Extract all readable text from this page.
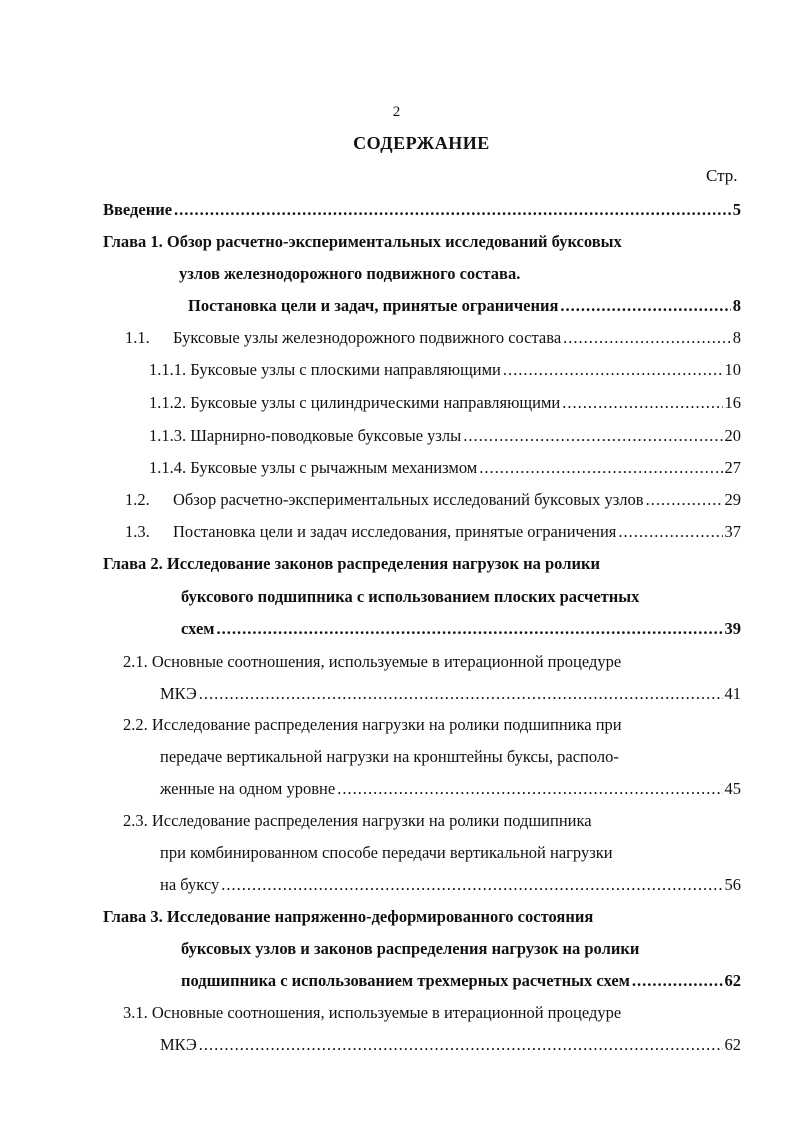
2
СОДЕРЖАНИЕ
Стр.
Введение .....	5
Глава 1. Обзор расчетно-экспериментальных исследований буксовых
узлов железнодорожного подвижного состава.
Постановка цели и задач, принятые ограничения .....	8
1.1.	Буксовые узлы железнодорожного подвижного состава .....	8
1.1.1. Буксовые узлы с плоскими направляющими .....	10
1.1.2. Буксовые узлы с цилиндрическими направляющими .....	16
1.1.3. Шарнирно-поводковые буксовые узлы .....	20
1.1.4. Буксовые узлы с рычажным механизмом .....	27
1.2.	Обзор расчетно-экспериментальных исследований буксовых узлов .....	29
1.3.	Постановка цели и задач исследования, принятые ограничения .....	37
Глава 2. Исследование законов распределения нагрузок на ролики
буксового подшипника с использованием плоских расчетных
схем .....	39
2.1. Основные соотношения, используемые в итерационной процедуре
МКЭ .....	41
2.2. Исследование распределения нагрузки на ролики подшипника при
передаче вертикальной нагрузки на кронштейны буксы, располо-
женные на одном уровне .....	45
2.3. Исследование распределения нагрузки на ролики подшипника
при комбинированном способе передачи вертикальной нагрузки
на буксу .....	56
Глава 3. Исследование напряженно-деформированного состояния
буксовых узлов и законов распределения нагрузок на ролики
подшипника с использованием трехмерных расчетных схем .....	62
3.1. Основные соотношения, используемые в итерационной процедуре
МКЭ .....	62
